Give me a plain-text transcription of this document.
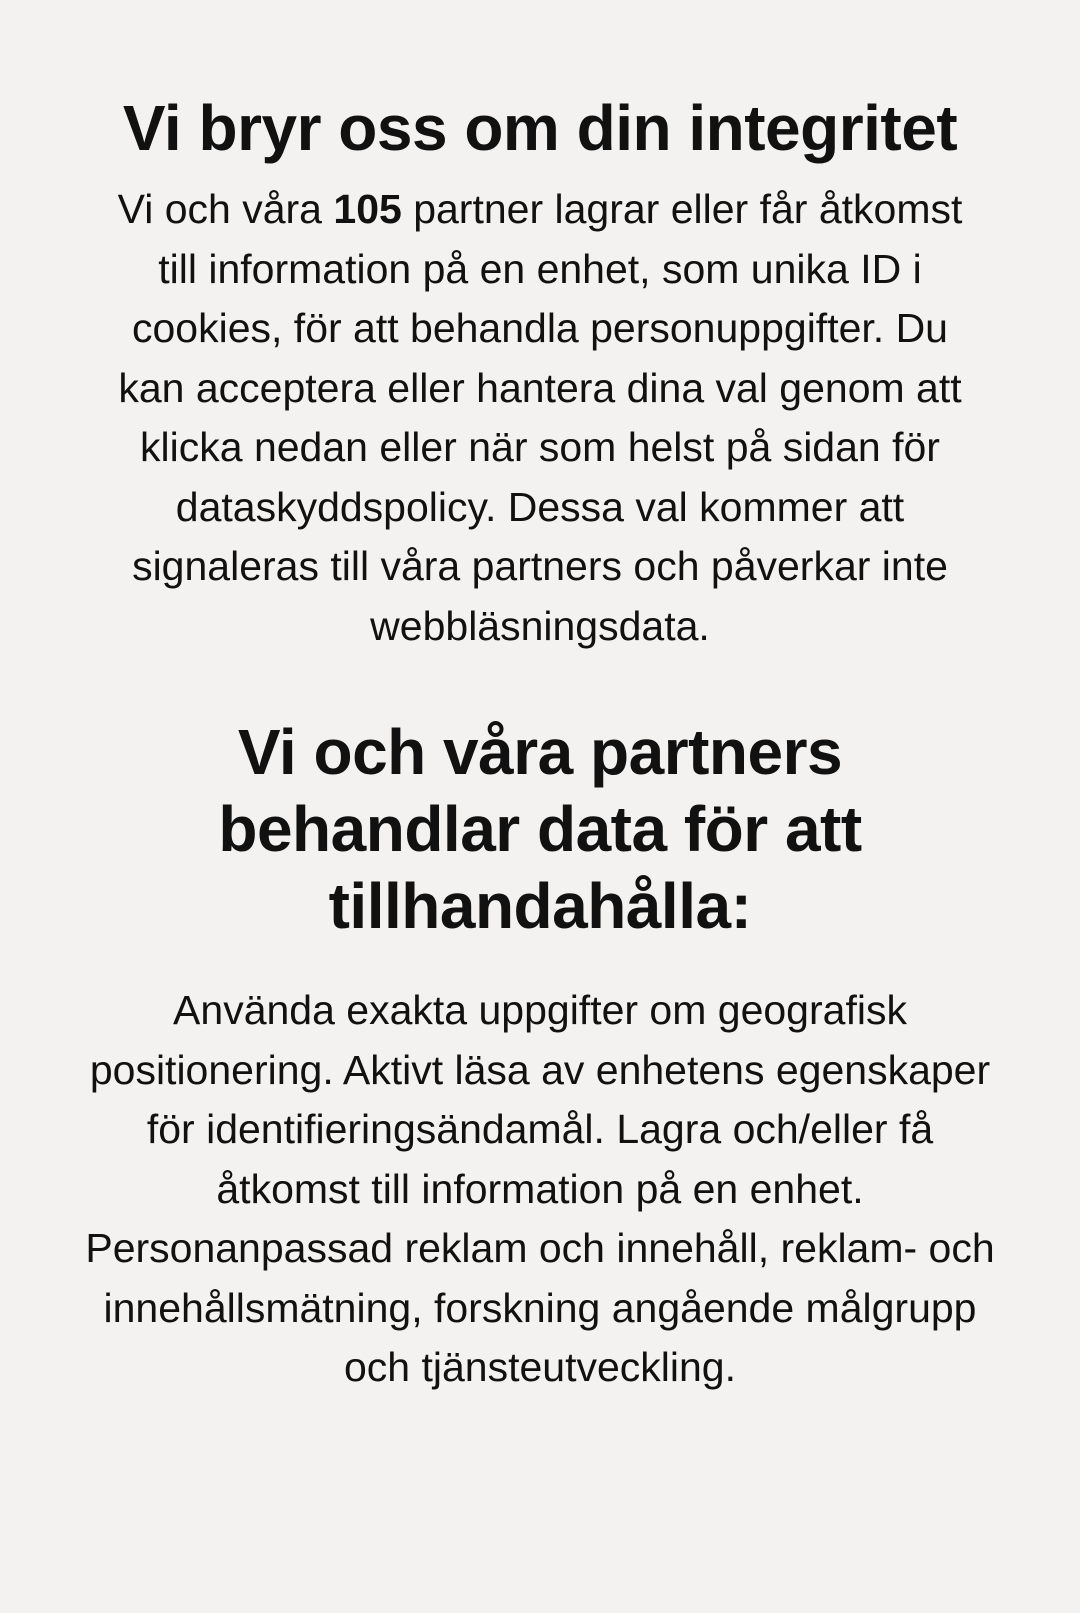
Vi bryr oss om din integritet

Vi och våra 105 partner lagrar eller får åtkomst till information på en enhet, som unika ID i cookies, för att behandla personuppgifter. Du kan acceptera eller hantera dina val genom att klicka nedan eller när som helst på sidan för dataskyddspolicy. Dessa val kommer att signaleras till våra partners och påverkar inte webbläsningsdata.

Vi och våra partners behandlar data för att tillhandahålla:

Använda exakta uppgifter om geografisk positionering. Aktivt läsa av enhetens egenskaper för identifieringsändamål. Lagra och/eller få åtkomst till information på en enhet. Personanpassad reklam och innehåll, reklam- och innehållsmätning, forskning angående målgrupp och tjänsteutveckling.
